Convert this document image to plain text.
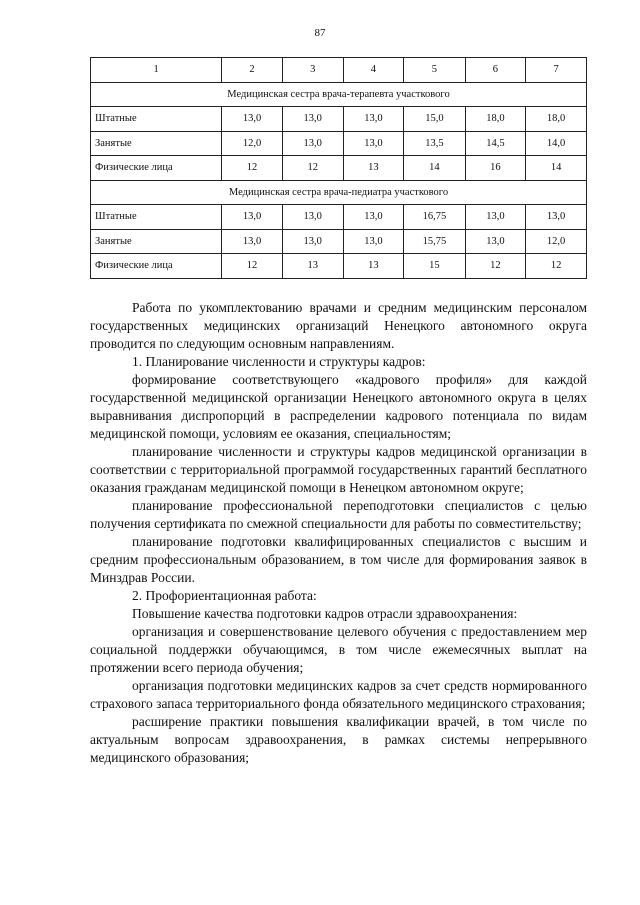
87
1	2	3	4	5	6	7
Медицинская сестра врача-терапевта участкового						
Штатные	13,0	13,0	13,0	15,0	18,0	18,0
Занятые	12,0	13,0	13,0	13,5	14,5	14,0
Физические лица	12	12	13	14	16	14
Медицинская сестра врача-педиатра участкового						
Штатные	13,0	13,0	13,0	16,75	13,0	13,0
Занятые	13,0	13,0	13,0	15,75	13,0	12,0
Физические лица	12	13	13	15	12	12

Работа по укомплектованию врачами и средним медицинским персоналом государственных медицинских организаций Ненецкого автономного округа проводится по следующим основным направлениям.

1. Планирование численности и структуры кадров:

формирование соответствующего «кадрового профиля» для каждой государственной медицинской организации Ненецкого автономного округа в целях выравнивания диспропорций в распределении кадрового потенциала по видам медицинской помощи, условиям ее оказания, специальностям;

планирование численности и структуры кадров медицинской организации в соответствии с территориальной программой государственных гарантий бесплатного оказания гражданам медицинской помощи в Ненецком автономном округе;

планирование профессиональной переподготовки специалистов с целью получения сертификата по смежной специальности для работы по совместительству;

планирование подготовки квалифицированных специалистов с высшим и средним профессиональным образованием, в том числе для формирования заявок в Минздрав России.

2. Профориентационная работа:

Повышение качества подготовки кадров отрасли здравоохранения:

организация и совершенствование целевого обучения с предоставлением мер социальной поддержки обучающимся, в том числе ежемесячных выплат на протяжении всего периода обучения;

организация подготовки медицинских кадров за счет средств нормированного страхового запаса территориального фонда обязательного медицинского страхования;

расширение практики повышения квалификации врачей, в том числе по актуальным вопросам здравоохранения, в рамках системы непрерывного медицинского образования;
